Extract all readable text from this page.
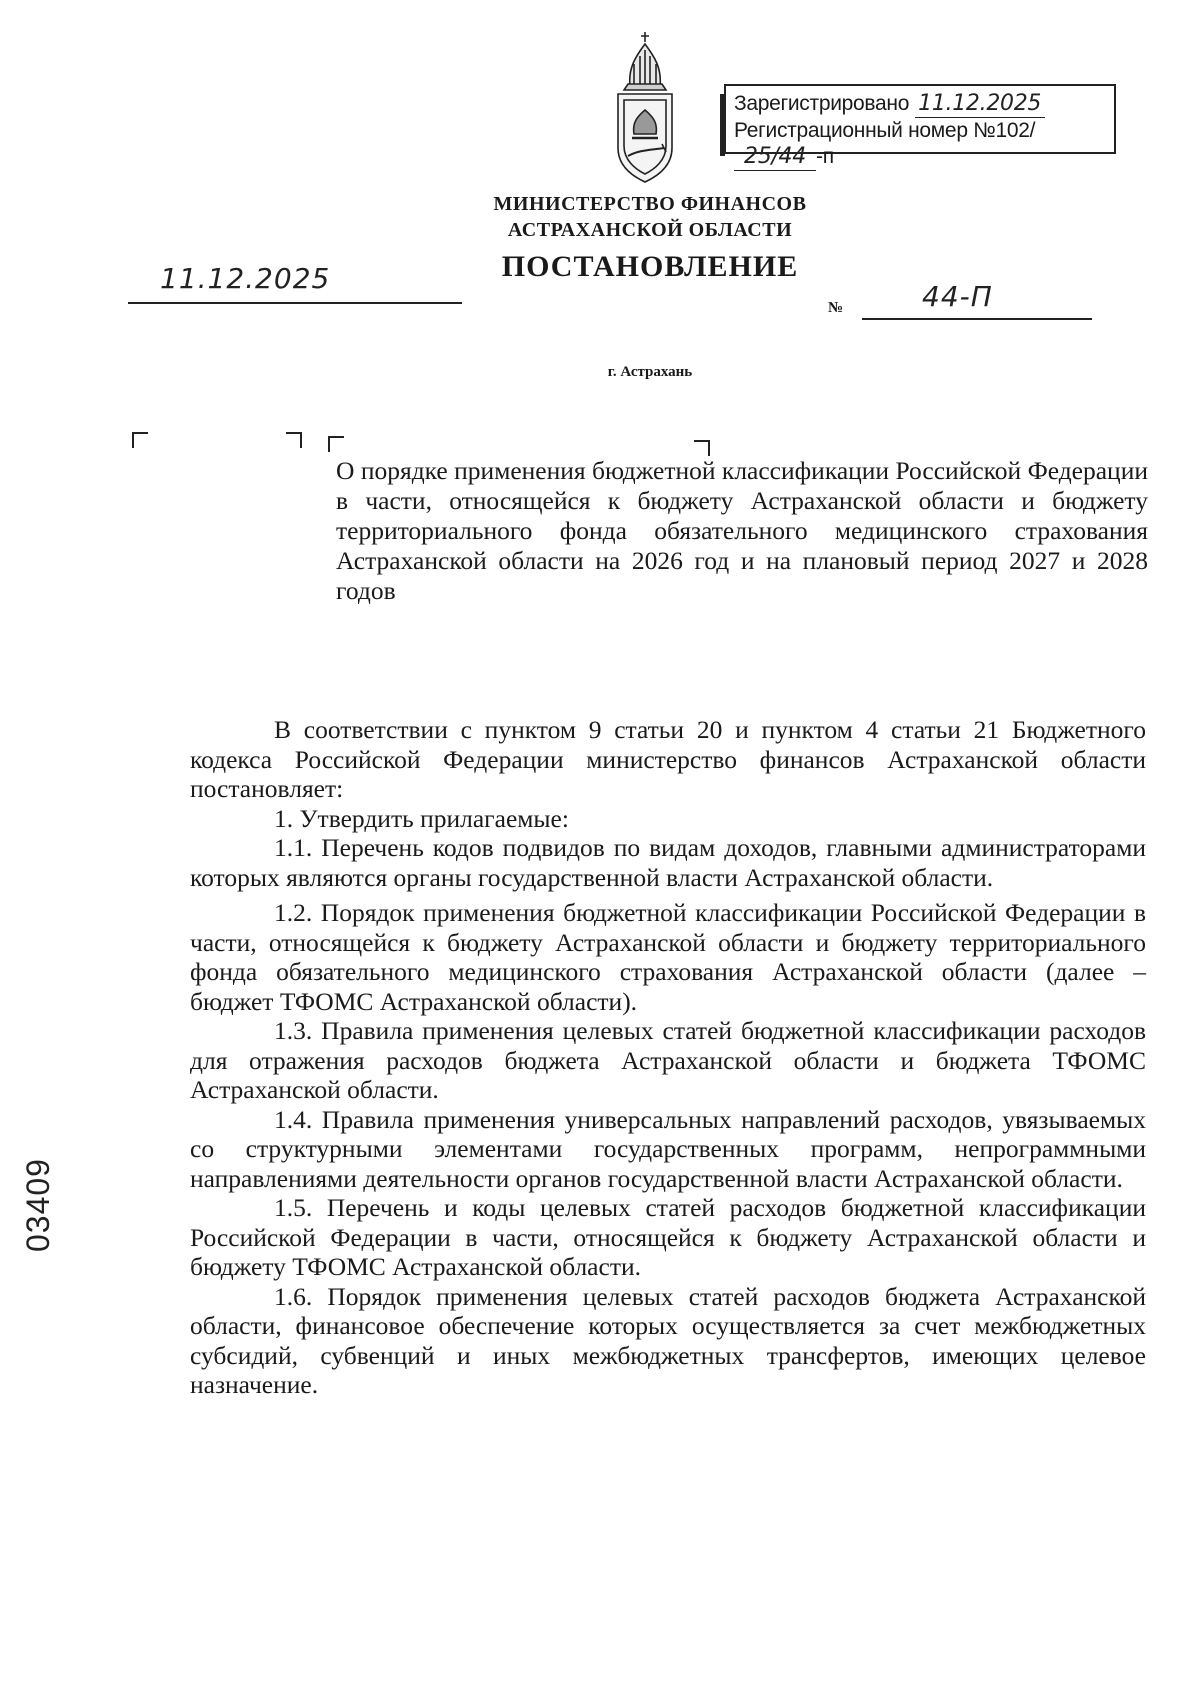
Зарегистрировано 11.12.2025
Регистрационный номер №102/25/44 -п
МИНИСТЕРСТВО ФИНАНСОВ
АСТРАХАНСКОЙ ОБЛАСТИ
ПОСТАНОВЛЕНИЕ
11.12.2025
№	44-П
г. Астрахань
О порядке применения бюджетной классификации Российской Федерации в части, относящейся к бюджету Астраханской области и бюджету территориального фонда обязательного медицинского страхования Астраханской области на 2026 год и на плановый период 2027 и 2028 годов

В соответствии с пунктом 9 статьи 20 и пунктом 4 статьи 21 Бюджетного кодекса Российской Федерации министерство финансов Астраханской области постановляет:

1. Утвердить прилагаемые:

1.1. Перечень кодов подвидов по видам доходов, главными администраторами которых являются органы государственной власти Астраханской области.

1.2. Порядок применения бюджетной классификации Российской Федерации в части, относящейся к бюджету Астраханской области и бюджету территориального фонда обязательного медицинского страхования Астраханской области (далее – бюджет ТФОМС Астраханской области).

1.3. Правила применения целевых статей бюджетной классификации расходов для отражения расходов бюджета Астраханской области и бюджета ТФОМС Астраханской области.

1.4. Правила применения универсальных направлений расходов, увязываемых со структурными элементами государственных программ, непрограммными направлениями деятельности органов государственной власти Астраханской области.

1.5. Перечень и коды целевых статей расходов бюджетной классификации Российской Федерации в части, относящейся к бюджету Астраханской области и бюджету ТФОМС Астраханской области.

1.6. Порядок применения целевых статей расходов бюджета Астраханской области, финансовое обеспечение которых осуществляется за счет межбюджетных субсидий, субвенций и иных межбюджетных трансфертов, имеющих целевое назначение.

03409
